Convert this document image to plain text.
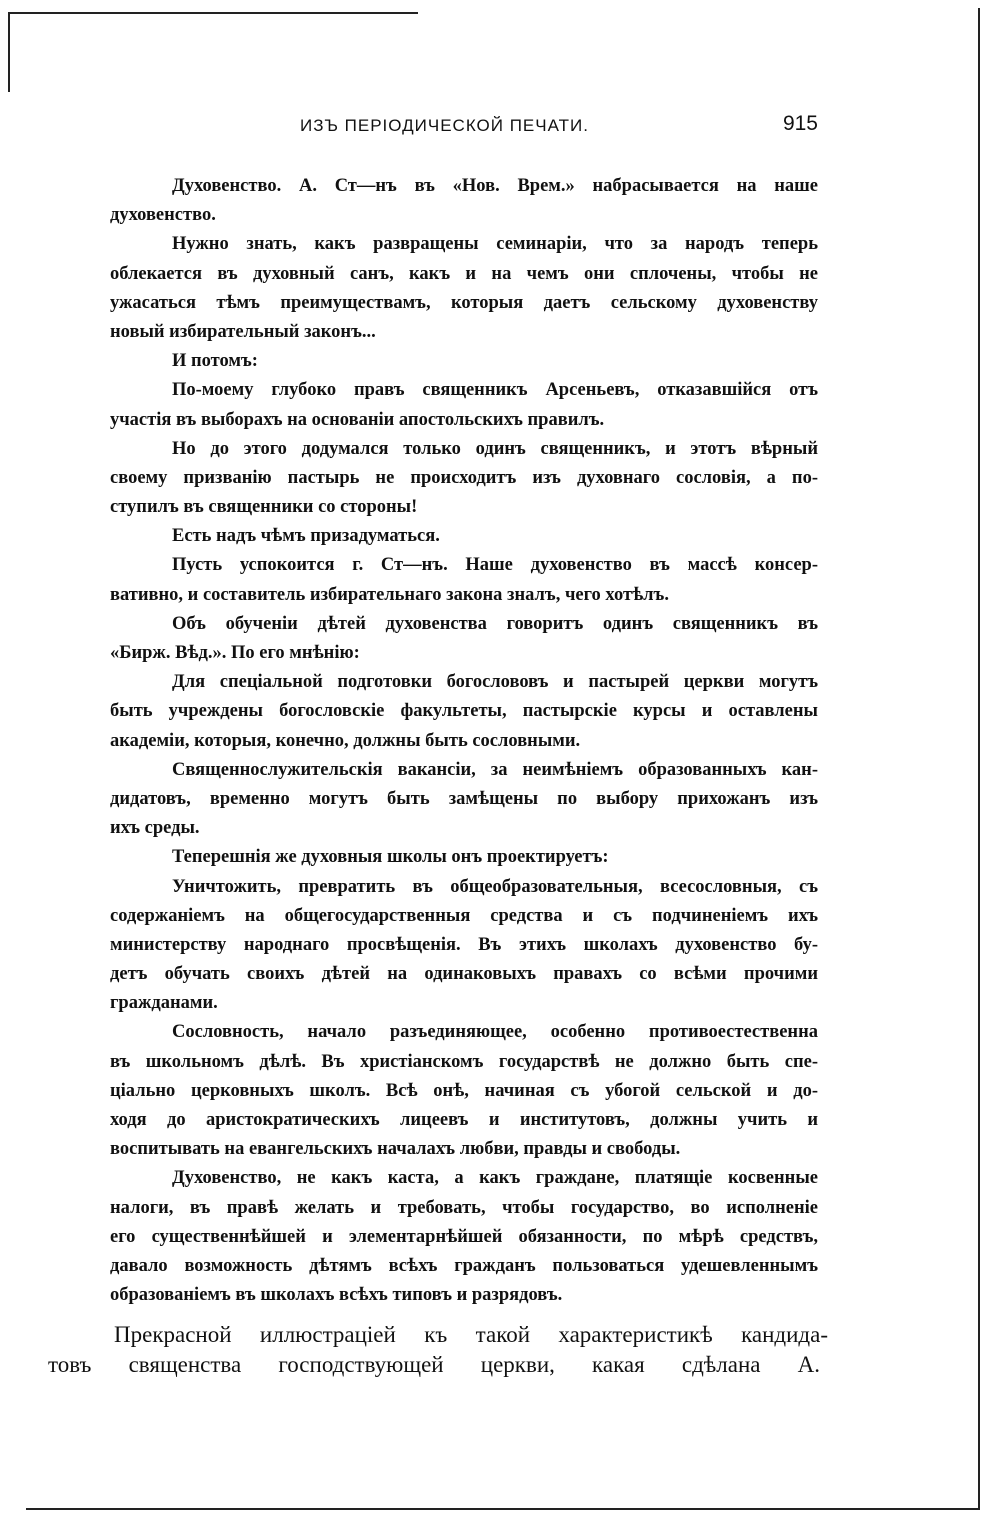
ИЗЪ ПЕРІОДИЧЕСКОЙ ПЕЧАТИ.	915
Духовенство. А. Ст—нъ въ «Нов. Врем.» набрасывается на наше
духовенство.
Нужно знать, какъ развращены семинаріи, что за народъ теперь
облекается въ духовный санъ, какъ и на чемъ они сплочены, чтобы не
ужасаться тѣмъ преимуществамъ, которыя даетъ сельскому духовенству
новый избирательный законъ...
И потомъ:
По-моему глубоко правъ священникъ Арсеньевъ, отказавшійся отъ
участія въ выборахъ на основаніи апостольскихъ правилъ.
Но до этого додумался только одинъ священникъ, и этотъ вѣрный
своему призванію пастырь не происходитъ изъ духовнаго сословія, а по-
ступилъ въ священники со стороны!
Есть надъ чѣмъ призадуматься.
Пусть успокоится г. Ст—нъ. Наше духовенство въ массѣ консер-
вативно, и составитель избирательнаго закона зналъ, чего хотѣлъ.
Объ обученіи дѣтей духовенства говоритъ одинъ священникъ въ
«Бирж. Вѣд.». По его мнѣнію:
Для спеціальной подготовки богослововъ и пастырей церкви могутъ
быть учреждены богословскіе факультеты, пастырскіе курсы и оставлены
академіи, которыя, конечно, должны быть сословными.
Священнослужительскія вакансіи, за неимѣніемъ образованныхъ кан-
дидатовъ, временно могутъ быть замѣщены по выбору прихожанъ изъ
ихъ среды.
Теперешнія же духовныя школы онъ проектируетъ:
Уничтожить, превратить въ общеобразовательныя, всесословныя, съ
содержаніемъ на общегосударственныя средства и съ подчиненіемъ ихъ
министерству народнаго просвѣщенія. Въ этихъ школахъ духовенство бу-
детъ обучать своихъ дѣтей на одинаковыхъ правахъ со всѣми прочими
гражданами.
Сословность, начало разъединяющее, особенно противоестественна
въ школьномъ дѣлѣ. Въ христіанскомъ государствѣ не должно быть спе-
ціально церковныхъ школъ. Всѣ онѣ, начиная съ убогой сельской и до-
ходя до аристократическихъ лицеевъ и институтовъ, должны учить и
воспитывать на евангельскихъ началахъ любви, правды и свободы.
Духовенство, не какъ каста, а какъ граждане, платящіе косвенные
налоги, въ правѣ желать и требовать, чтобы государство, во исполненіе
его существеннѣйшей и элементарнѣйшей обязанности, по мѣрѣ средствъ,
давало возможность дѣтямъ всѣхъ гражданъ пользоваться удешевленнымъ
образованіемъ въ школахъ всѣхъ типовъ и разрядовъ.
Прекрасной иллюстраціей къ такой характеристикѣ кандида-
товъ священства господствующей церкви, какая сдѣлана А.
